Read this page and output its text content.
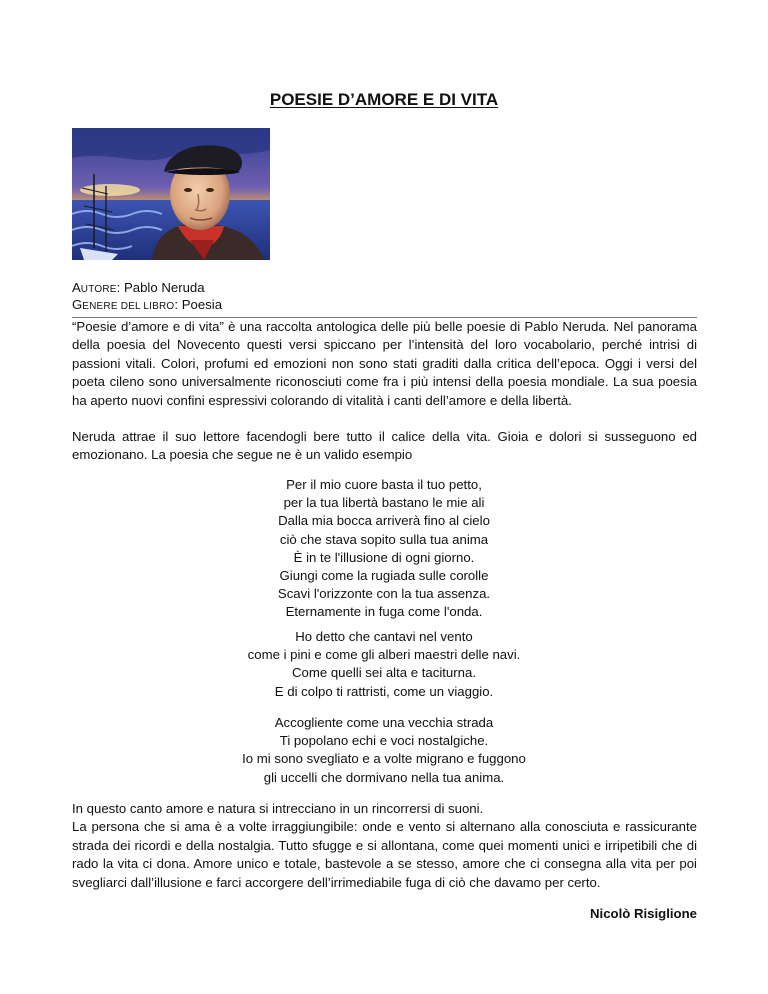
POESIE D’AMORE E DI VITA
AUTORE: Pablo Neruda
GENERE DEL LIBRO: Poesia

“Poesie d’amore e di vita” è una raccolta antologica delle più belle poesie di Pablo Neruda. Nel panorama della poesia del Novecento questi versi spiccano per l’intensità del loro vocabolario, perché intrisi di passioni vitali. Colori, profumi ed emozioni non sono stati graditi dalla critica dell’epoca. Oggi i versi del poeta cileno sono universalmente riconosciuti come fra i più intensi della poesia mondiale. La sua poesia ha aperto nuovi confini espressivi colorando di vitalità i canti dell’amore e della libertà.

Neruda attrae il suo lettore facendogli bere tutto il calice della vita. Gioia e dolori si susseguono ed emozionano. La poesia che segue ne è un valido esempio

Per il mio cuore basta il tuo petto,
per la tua libertà bastano le mie ali
Dalla mia bocca arriverà fino al cielo
ciò che stava sopito sulla tua anima
È in te l'illusione di ogni giorno.
Giungi come la rugiada sulle corolle
Scavi l'orizzonte con la tua assenza.
Eternamente in fuga come l'onda.
Ho detto che cantavi nel vento
come i pini e come gli alberi maestri delle navi.
Come quelli sei alta e taciturna.
E di colpo ti rattristi, come un viaggio.
Accogliente come una vecchia strada
Ti popolano echi e voci nostalgiche.
Io mi sono svegliato e a volte migrano e fuggono
gli uccelli che dormivano nella tua anima.

In questo canto amore e natura si intrecciano in un rincorrersi di suoni.
La persona che si ama è a volte irraggiungibile: onde e vento si alternano alla conosciuta e rassicurante strada dei ricordi e della nostalgia. Tutto sfugge e si allontana, come quei momenti unici e irripetibili che di rado la vita ci dona. Amore unico e totale, bastevole a se stesso, amore che ci consegna alla vita per poi svegliarci dall’illusione e farci accorgere dell’irrimediabile fuga di ciò che davamo per certo.

Nicolò Risiglione
